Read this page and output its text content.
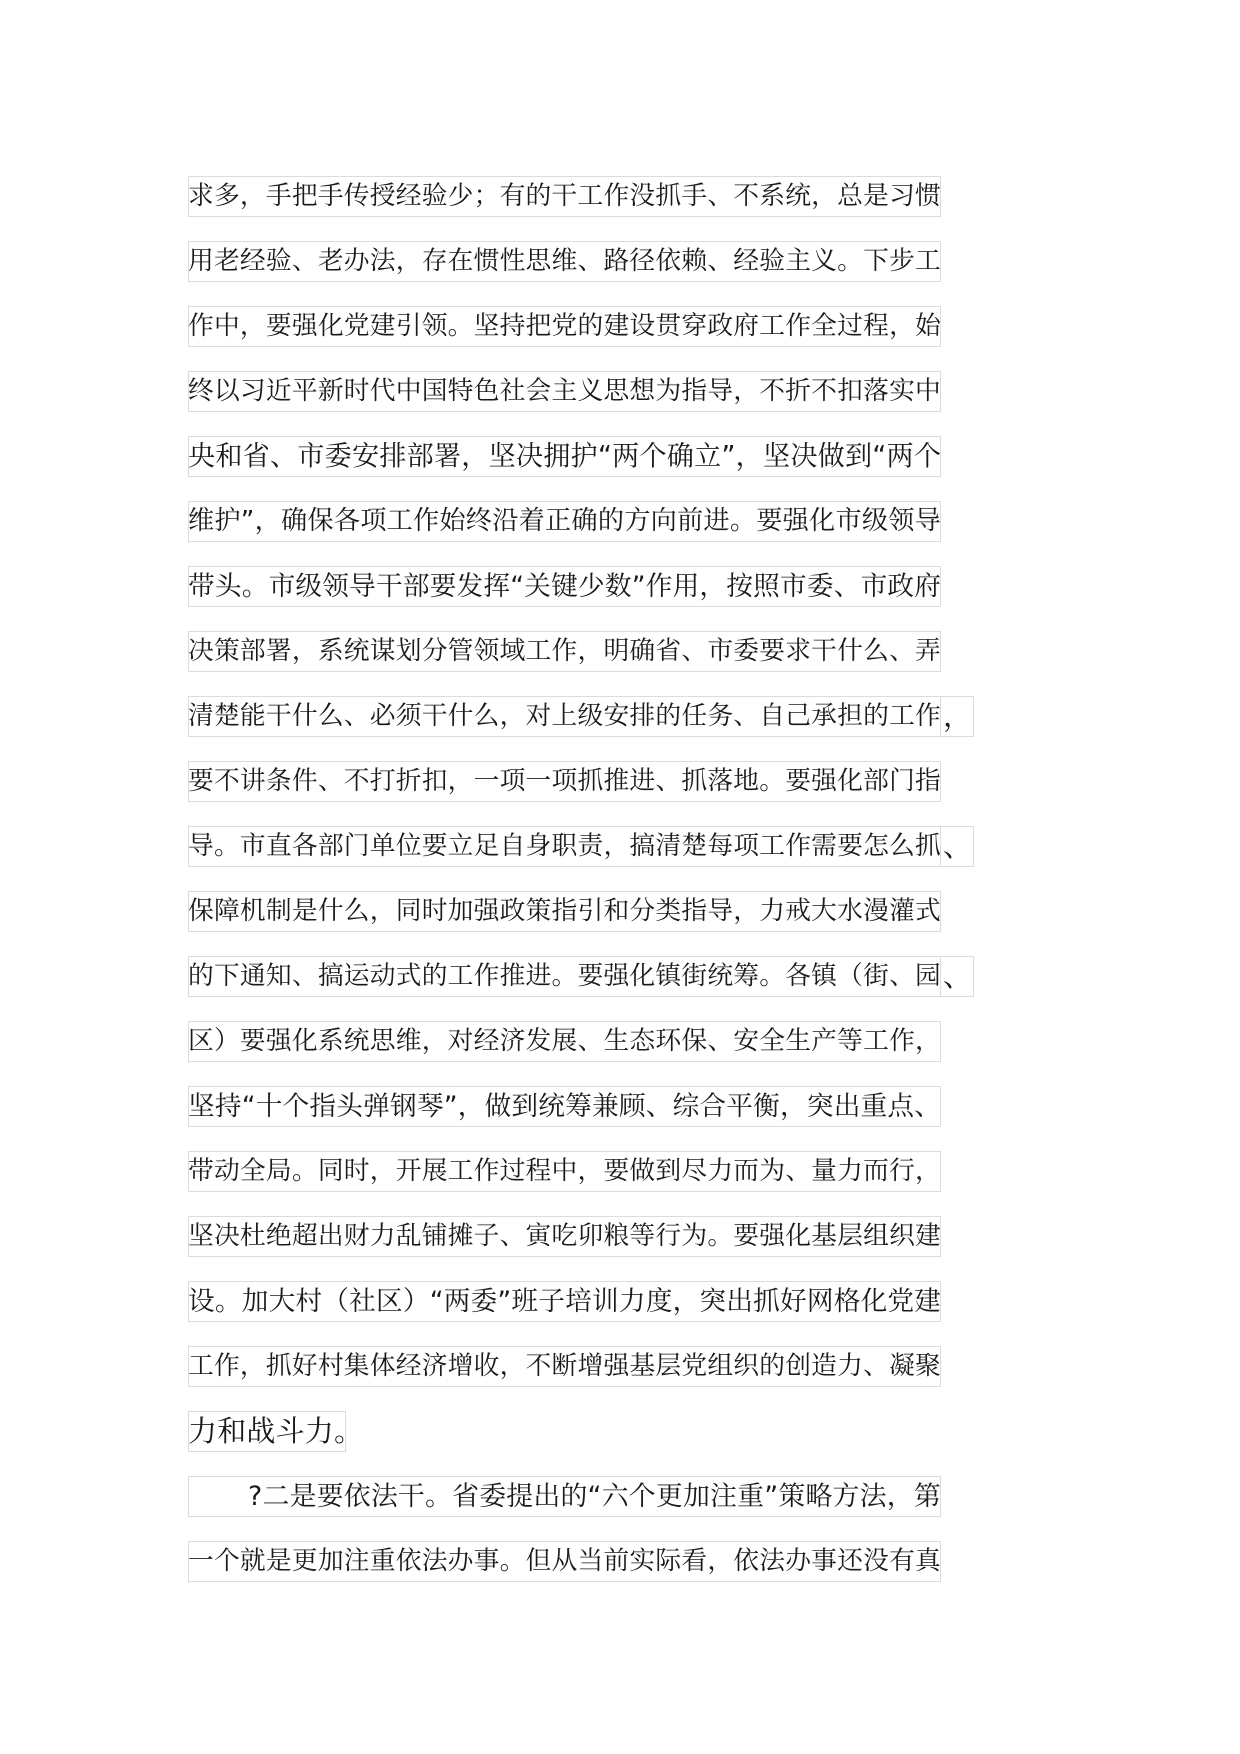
求多，手把手传授经验少；有的干工作没抓手、不系统，总是习惯
用老经验、老办法，存在惯性思维、路径依赖、经验主义。下步工
作中，要强化党建引领。坚持把党的建设贯穿政府工作全过程，始
终以习近平新时代中国特色社会主义思想为指导，不折不扣落实中
央和省、市委安排部署，坚决拥护“两个确立”，坚决做到“两个
维护”，确保各项工作始终沿着正确的方向前进。要强化市级领导
带头。市级领导干部要发挥“关键少数”作用，按照市委、市政府
决策部署，系统谋划分管领域工作，明确省、市委要求干什么、弄
清楚能干什么、必须干什么，对上级安排的任务、自己承担的工作 ，
要不讲条件、不打折扣，一项一项抓推进、抓落地。要强化部门指
导。市直各部门单位要立足自身职责，搞清楚每项工作需要怎么抓 、
保障机制是什么，同时加强政策指引和分类指导，力戒大水漫灌式
的下通知、搞运动式的工作推进。要强化镇街统筹。各镇（街、园 、
区）要强化系统思维，对经济发展、生态环保、安全生产等工作，
坚持“十个指头弹钢琴”，做到统筹兼顾、综合平衡，突出重点、
带动全局。同时，开展工作过程中，要做到尽力而为、量力而行，
坚决杜绝超出财力乱铺摊子、寅吃卯粮等行为。要强化基层组织建
设。加大村（社区）“两委”班子培训力度，突出抓好网格化党建
工作，抓好村集体经济增收，不断增强基层党组织的创造力、凝聚
力和战斗力。
?二是要依法干。省委提出的“六个更加注重”策略方法，第
一个就是更加注重依法办事。但从当前实际看，依法办事还没有真
